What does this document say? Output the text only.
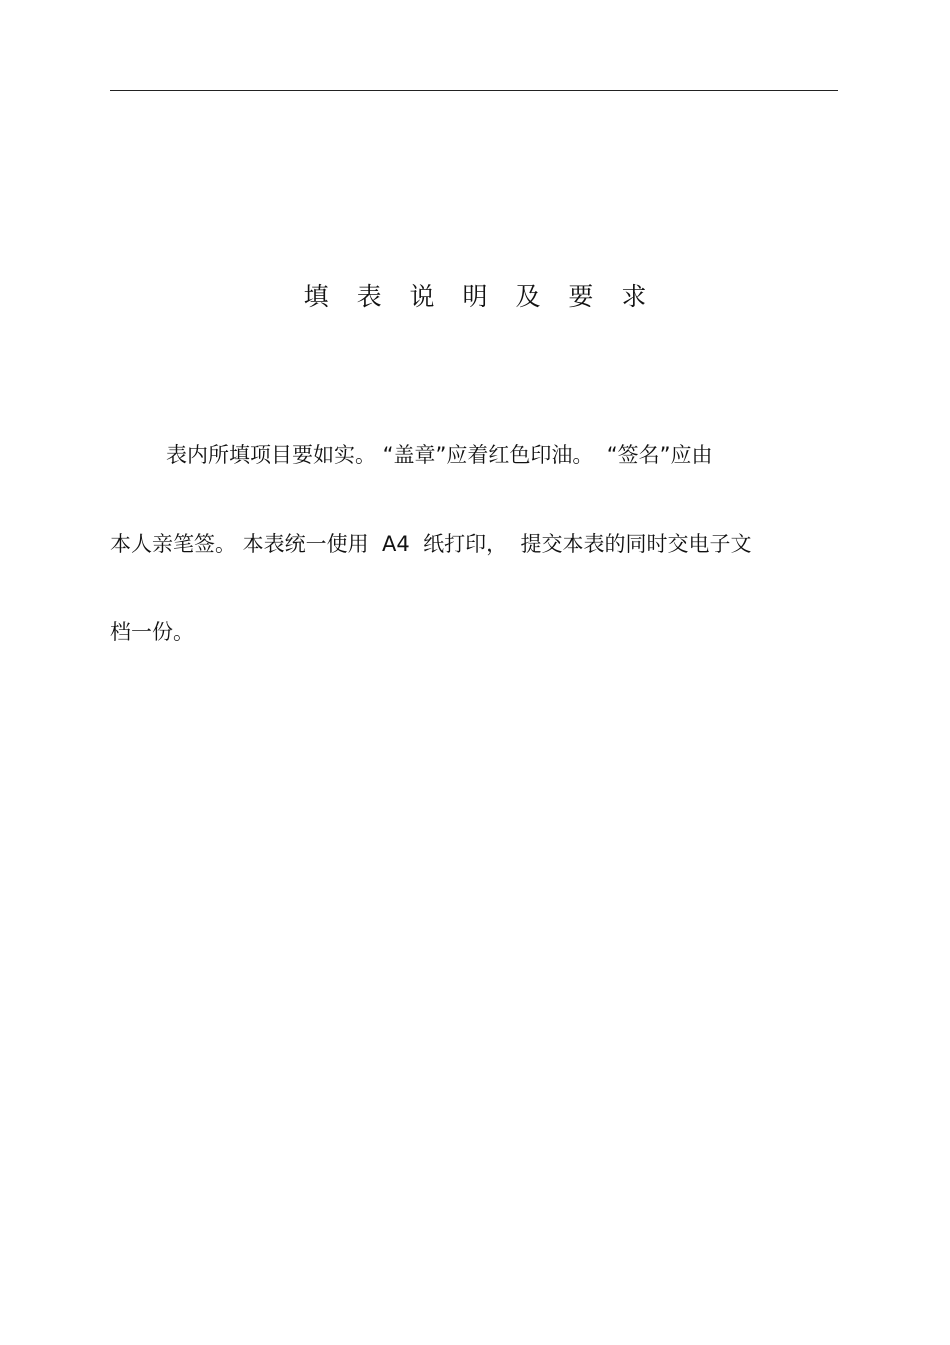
填 表 说 明 及 要 求
表内所填项目要如实。 “盖章”应着红色印油。  “签名”应由
本人亲笔签。 本表统一使用  A4  纸打印，  提交本表的同时交电子文
档一份。
